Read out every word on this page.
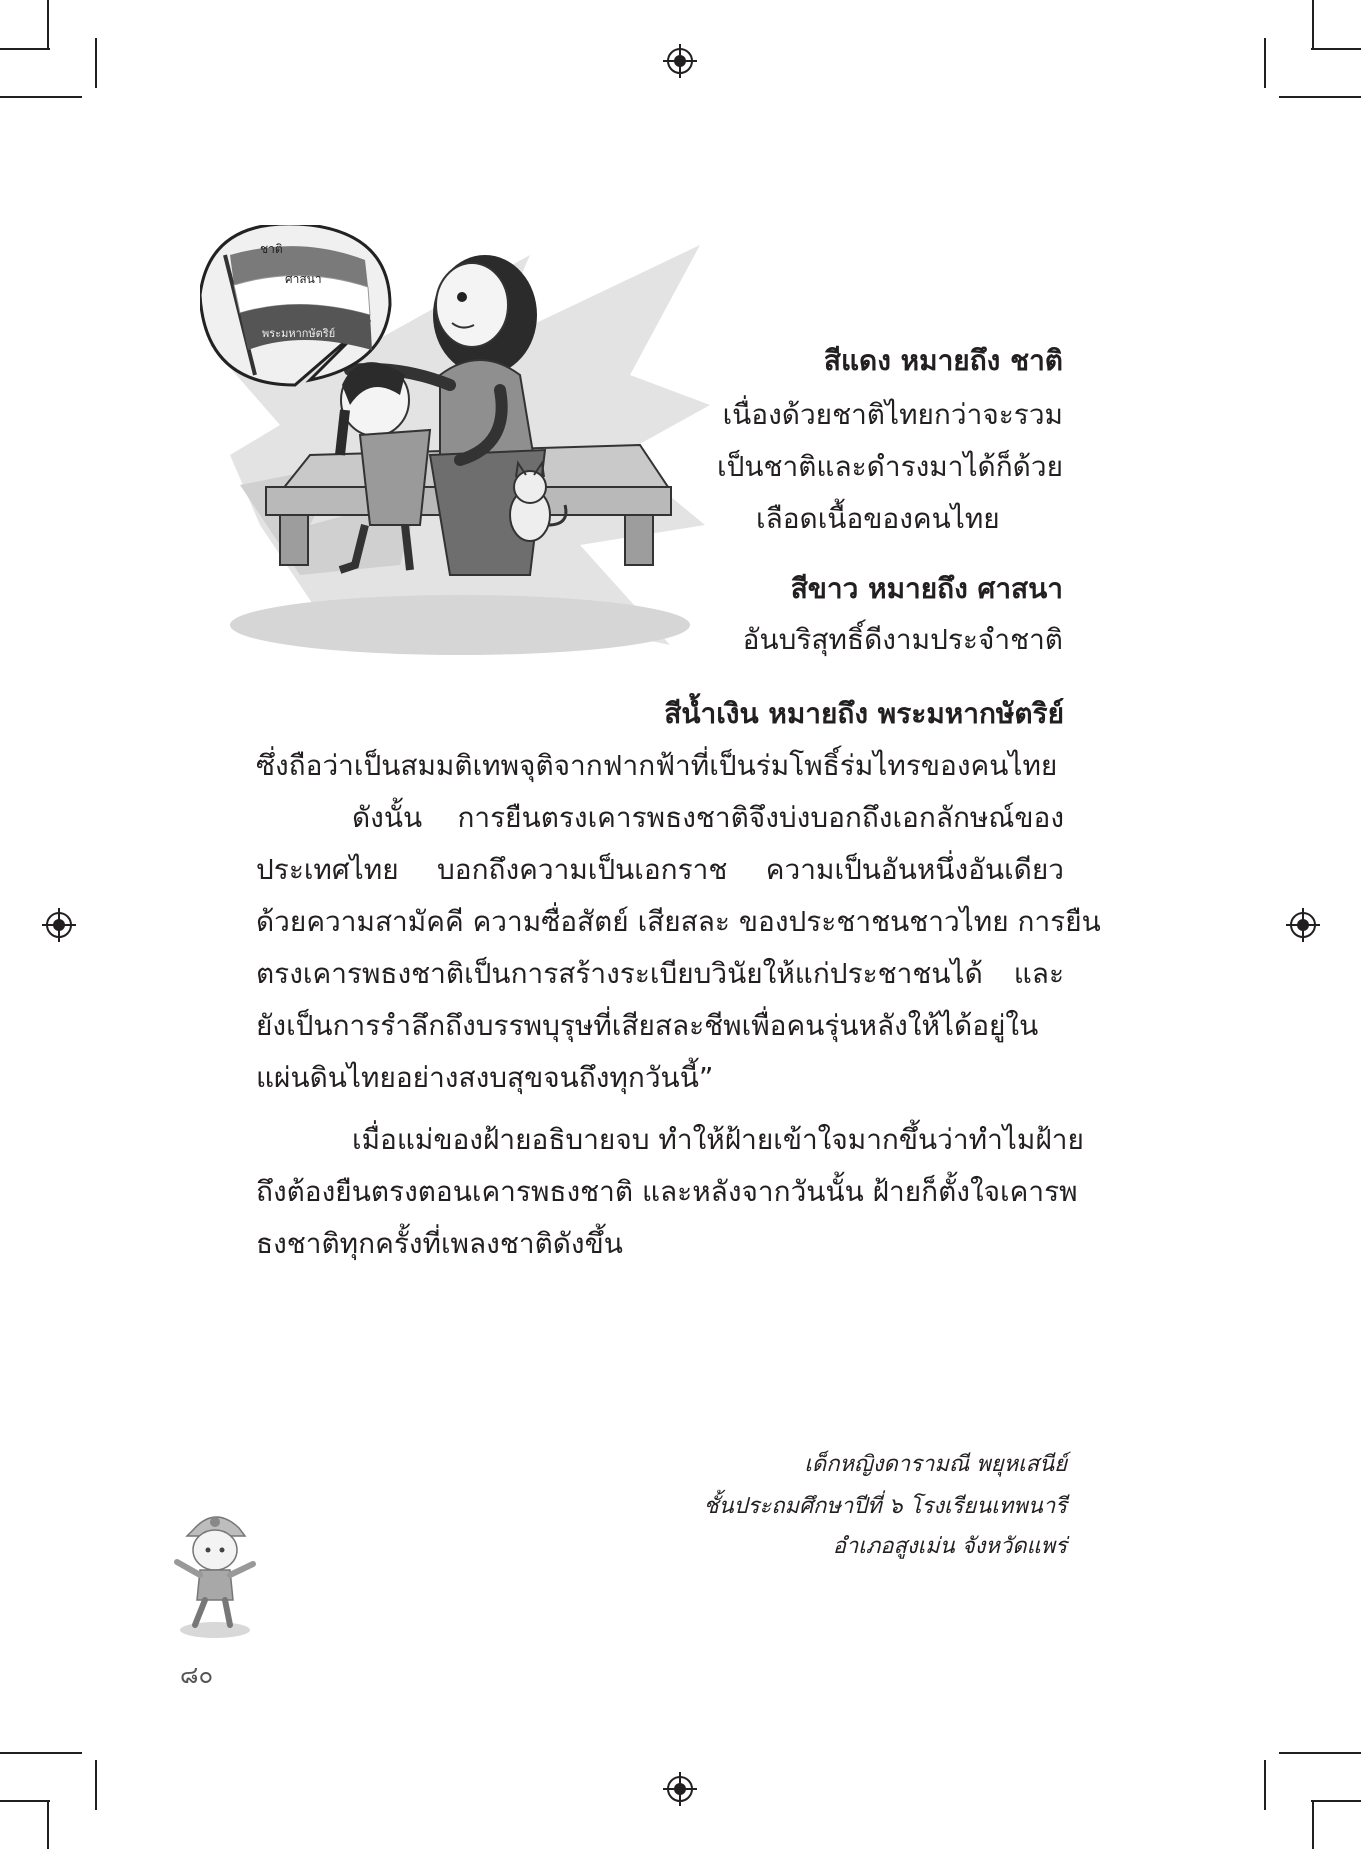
ชาติ
ศาสนา
พระมหากษัตริย์
สีแดง หมายถึง ชาติ
เนื่องด้วยชาติไทยกว่าจะรวม
เป็นชาติและดำรงมาได้ก็ด้วย
เลือดเนื้อของคนไทย
สีขาว หมายถึง ศาสนา
อันบริสุทธิ์ดีงามประจำชาติ
สีน้ำเงิน หมายถึง พระมหากษัตริย์
ซึ่งถือว่าเป็นสมมติเทพจุติจากฟากฟ้าที่เป็นร่มโพธิ์ร่มไทรของคนไทย
ดังนั้น การยืนตรงเคารพธงชาติจึงบ่งบอกถึงเอกลักษณ์ของ
ประเทศไทย บอกถึงความเป็นเอกราช ความเป็นอันหนึ่งอันเดียว
ด้วยความสามัคคี ความซื่อสัตย์ เสียสละ ของประชาชนชาวไทย การยืน
ตรงเคารพธงชาติเป็นการสร้างระเบียบวินัยให้แก่ประชาชนได้ และ
ยังเป็นการรำลึกถึงบรรพบุรุษที่เสียสละชีพเพื่อคนรุ่นหลังให้ได้อยู่ใน
แผ่นดินไทยอย่างสงบสุขจนถึงทุกวันนี้”
เมื่อแม่ของฝ้ายอธิบายจบ ทำให้ฝ้ายเข้าใจมากขึ้นว่าทำไมฝ้าย
ถึงต้องยืนตรงตอนเคารพธงชาติ และหลังจากวันนั้น ฝ้ายก็ตั้งใจเคารพ
ธงชาติทุกครั้งที่เพลงชาติดังขึ้น
เด็กหญิงดารามณี พยุหเสนีย์
ชั้นประถมศึกษาปีที่ ๖ โรงเรียนเทพนารี
อำเภอสูงเม่น จังหวัดแพร่
๘๐
